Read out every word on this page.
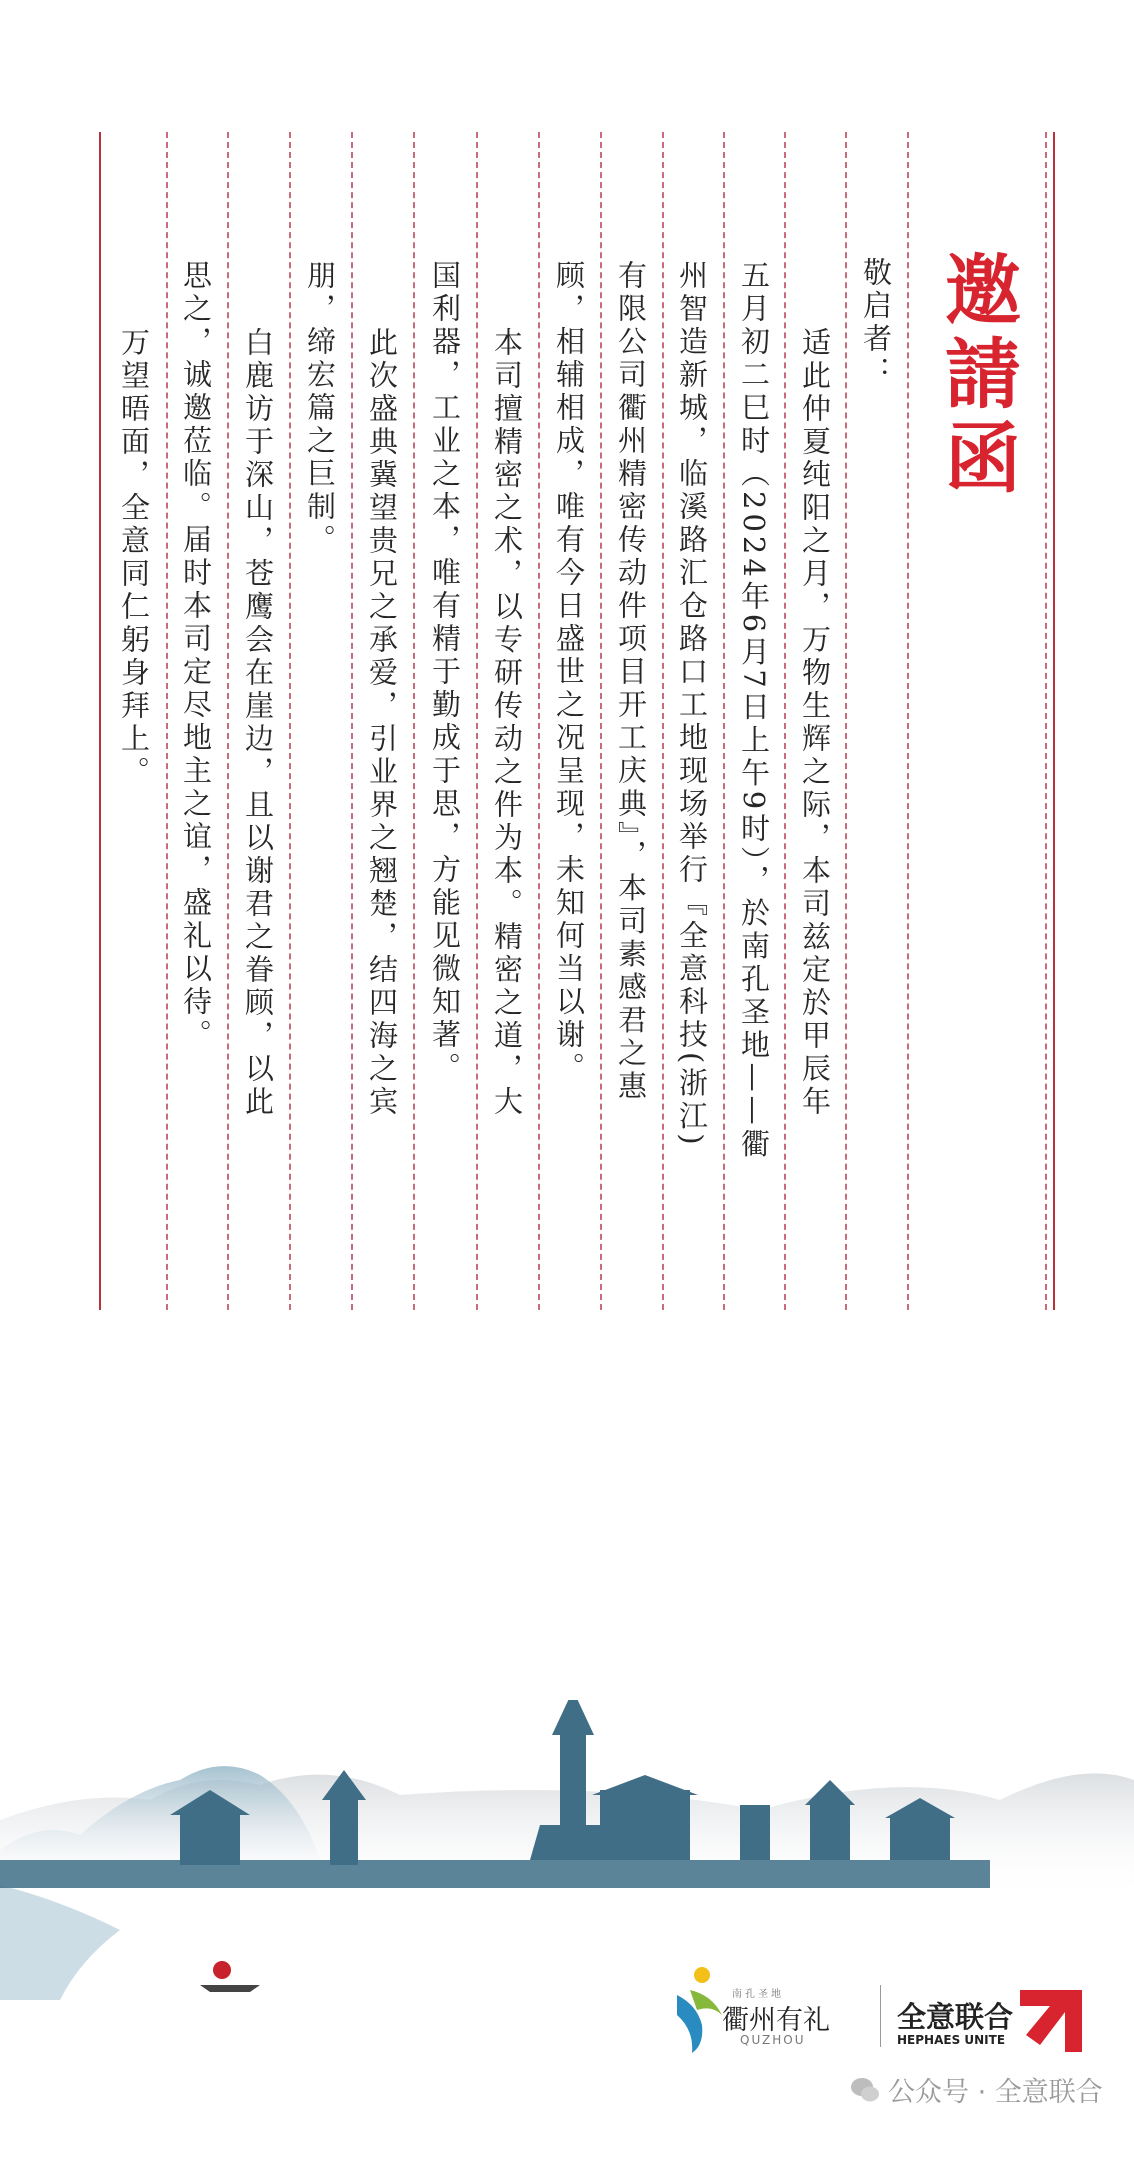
邀請函
敬启者：
适此仲夏纯阳之月，万物生辉之际，本司兹定於甲辰年
五月初二巳时（2024年6月7日上午9时），於南孔圣地——衢
州智造新城，临溪路汇仓路口工地现场举行『全意科技(浙江)
有限公司衢州精密传动件项目开工庆典』，本司素感君之惠
顾，相辅相成，唯有今日盛世之况呈现，未知何当以谢。
本司擅精密之术，以专研传动之件为本。精密之道，大
国利器，工业之本，唯有精于勤成于思，方能见微知著。
此次盛典冀望贵兄之承爱，引业界之翘楚，结四海之宾
朋，缔宏篇之巨制。
白鹿访于深山，苍鹰会在崖边，且以谢君之眷顾，以此
思之，诚邀莅临。届时本司定尽地主之谊，盛礼以待。
万望晤面，全意同仁躬身拜上。
南孔圣地
衢州有礼
QUZHOU
全意联合
HEPHAES UNITE
公众号 · 全意联合
